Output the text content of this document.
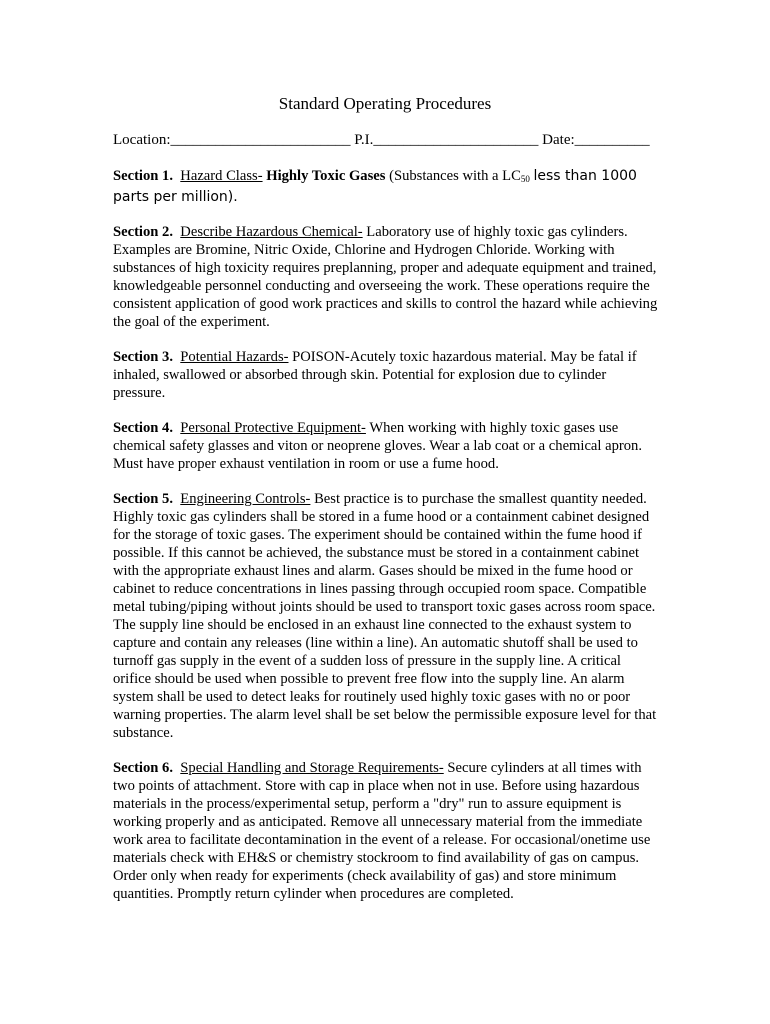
Standard Operating Procedures
Location:________________________ P.I.______________________ Date:__________

Section 1. Hazard Class- Highly Toxic Gases (Substances with a $LC_{50}$ less than 1000 parts per million).

Section 2. Describe Hazardous Chemical- Laboratory use of highly toxic gas cylinders. Examples are Bromine, Nitric Oxide, Chlorine and Hydrogen Chloride. Working with substances of high toxicity requires preplanning, proper and adequate equipment and trained, knowledgeable personnel conducting and overseeing the work. These operations require the consistent application of good work practices and skills to control the hazard while achieving the goal of the experiment.

Section 3. Potential Hazards- POISON-Acutely toxic hazardous material. May be fatal if inhaled, swallowed or absorbed through skin. Potential for explosion due to cylinder pressure.

Section 4. Personal Protective Equipment- When working with highly toxic gases use chemical safety glasses and viton or neoprene gloves. Wear a lab coat or a chemical apron. Must have proper exhaust ventilation in room or use a fume hood.

Section 5. Engineering Controls- Best practice is to purchase the smallest quantity needed. Highly toxic gas cylinders shall be stored in a fume hood or a containment cabinet designed for the storage of toxic gases. The experiment should be contained within the fume hood if possible. If this cannot be achieved, the substance must be stored in a containment cabinet with the appropriate exhaust lines and alarm. Gases should be mixed in the fume hood or cabinet to reduce concentrations in lines passing through occupied room space. Compatible metal tubing/piping without joints should be used to transport toxic gases across room space. The supply line should be enclosed in an exhaust line connected to the exhaust system to capture and contain any releases (line within a line). An automatic shutoff shall be used to turnoff gas supply in the event of a sudden loss of pressure in the supply line. A critical orifice should be used when possible to prevent free flow into the supply line. An alarm system shall be used to detect leaks for routinely used highly toxic gases with no or poor warning properties. The alarm level shall be set below the permissible exposure level for that substance.

Section 6. Special Handling and Storage Requirements- Secure cylinders at all times with two points of attachment. Store with cap in place when not in use. Before using hazardous materials in the process/experimental setup, perform a "dry" run to assure equipment is working properly and as anticipated. Remove all unnecessary material from the immediate work area to facilitate decontamination in the event of a release. For occasional/onetime use materials check with EH&S or chemistry stockroom to find availability of gas on campus. Order only when ready for experiments (check availability of gas) and store minimum quantities. Promptly return cylinder when procedures are completed.
